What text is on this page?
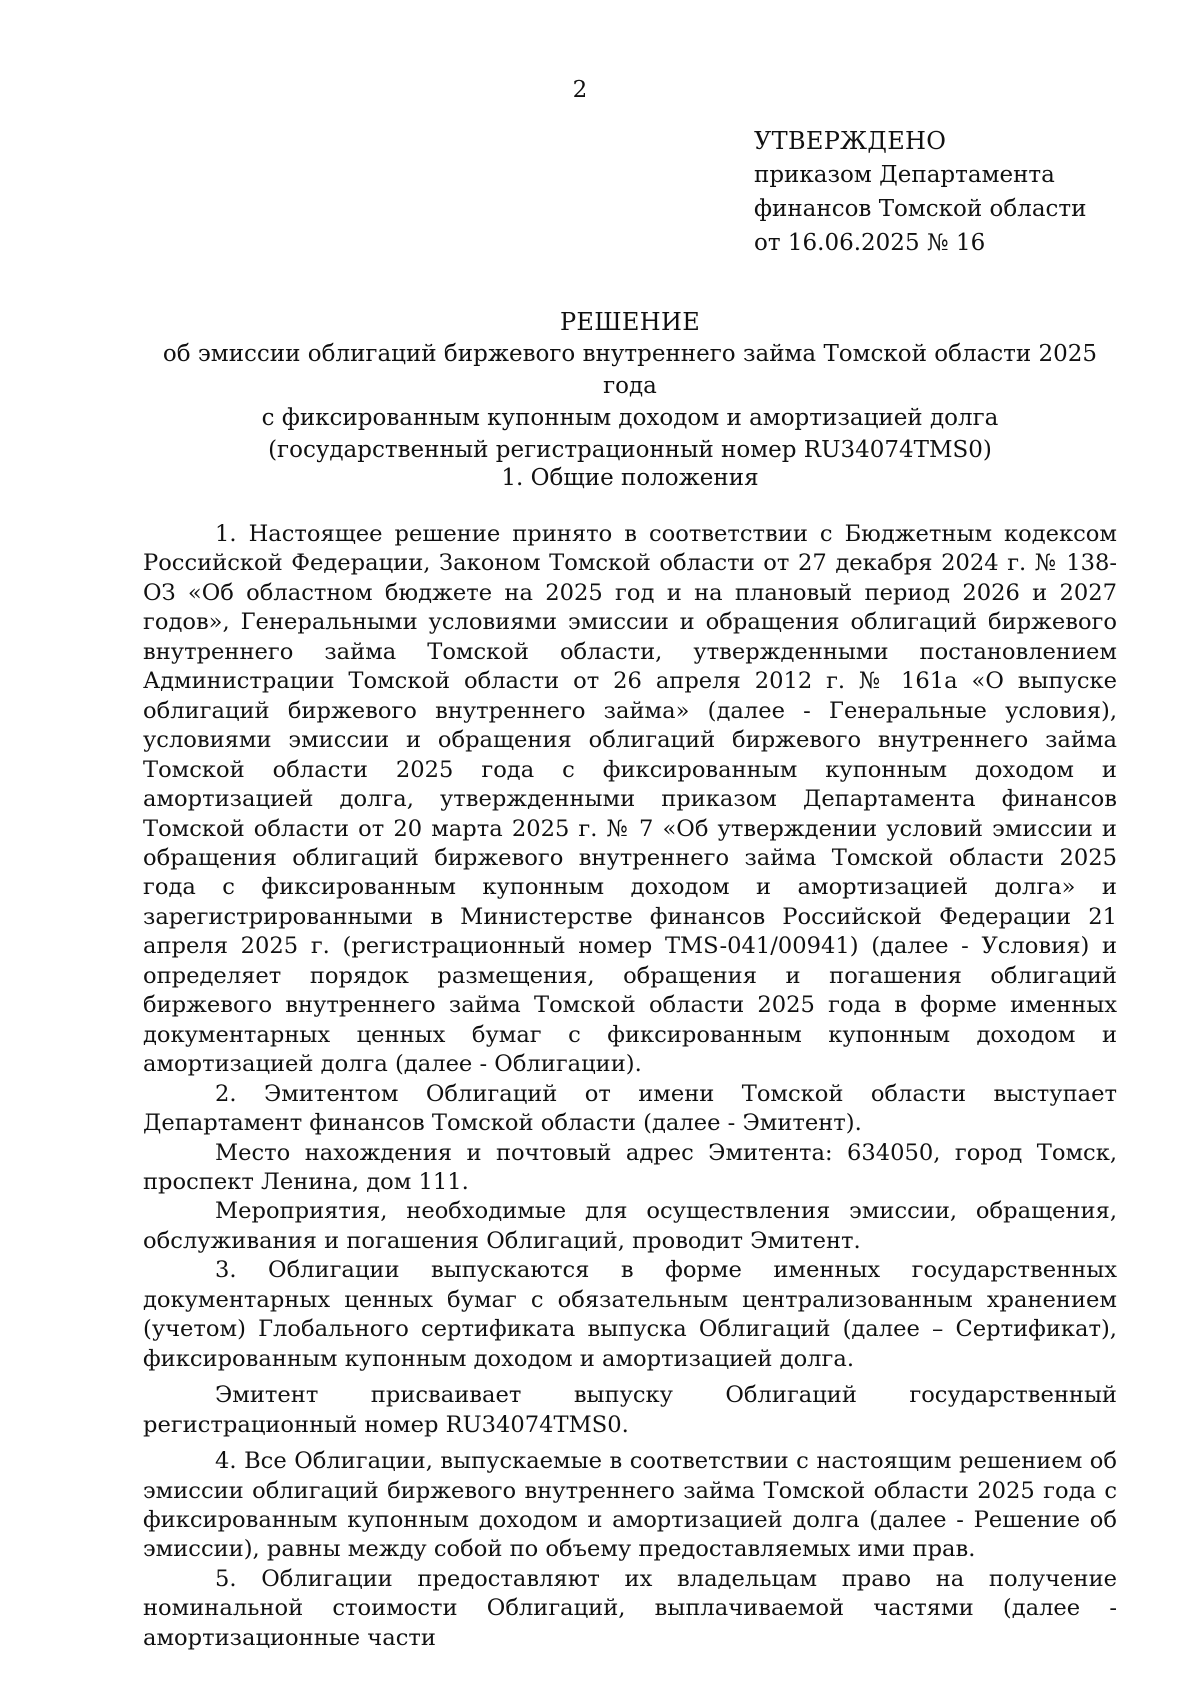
2
УТВЕРЖДЕНО
приказом Департамента
финансов Томской области
от 16.06.2025 № 16
РЕШЕНИЕ
об эмиссии облигаций биржевого внутреннего займа Томской области 2025 года
с фиксированным купонным доходом и амортизацией долга
(государственный регистрационный номер RU34074TMS0)
1. Общие положения

1. Настоящее решение принято в соответствии с Бюджетным кодексом Российской Федерации, Законом Томской области от 27 декабря 2024 г. № 138-ОЗ «Об областном бюджете на 2025 год и на плановый период 2026 и 2027 годов», Генеральными условиями эмиссии и обращения облигаций биржевого внутреннего займа Томской области, утвержденными постановлением Администрации Томской области от 26 апреля 2012 г. № 161а «О выпуске облигаций биржевого внутреннего займа» (далее - Генеральные условия), условиями эмиссии и обращения облигаций биржевого внутреннего займа Томской области 2025 года с фиксированным купонным доходом и амортизацией долга, утвержденными приказом Департамента финансов Томской области от 20 марта 2025 г. № 7 «Об утверждении условий эмиссии и обращения облигаций биржевого внутреннего займа Томской области 2025 года с фиксированным купонным доходом и амортизацией долга» и зарегистрированными в Министерстве финансов Российской Федерации 21 апреля 2025 г. (регистрационный номер TMS-041/00941) (далее - Условия) и определяет порядок размещения, обращения и погашения облигаций биржевого внутреннего займа Томской области 2025 года в форме именных документарных ценных бумаг с фиксированным купонным доходом и амортизацией долга (далее - Облигации).

2. Эмитентом Облигаций от имени Томской области выступает Департамент финансов Томской области (далее - Эмитент).

Место нахождения и почтовый адрес Эмитента: 634050, город Томск, проспект Ленина, дом 111.

Мероприятия, необходимые для осуществления эмиссии, обращения, обслуживания и погашения Облигаций, проводит Эмитент.

3. Облигации выпускаются в форме именных государственных документарных ценных бумаг с обязательным централизованным хранением (учетом) Глобального сертификата выпуска Облигаций (далее – Сертификат), фиксированным купонным доходом и амортизацией долга.

Эмитент присваивает выпуску Облигаций государственный регистрационный номер RU34074TMS0.

4. Все Облигации, выпускаемые в соответствии с настоящим решением об эмиссии облигаций биржевого внутреннего займа Томской области 2025 года с фиксированным купонным доходом и амортизацией долга (далее - Решение об эмиссии), равны между собой по объему предоставляемых ими прав.

5. Облигации предоставляют их владельцам право на получение номинальной стоимости Облигаций, выплачиваемой частями (далее - амортизационные части
